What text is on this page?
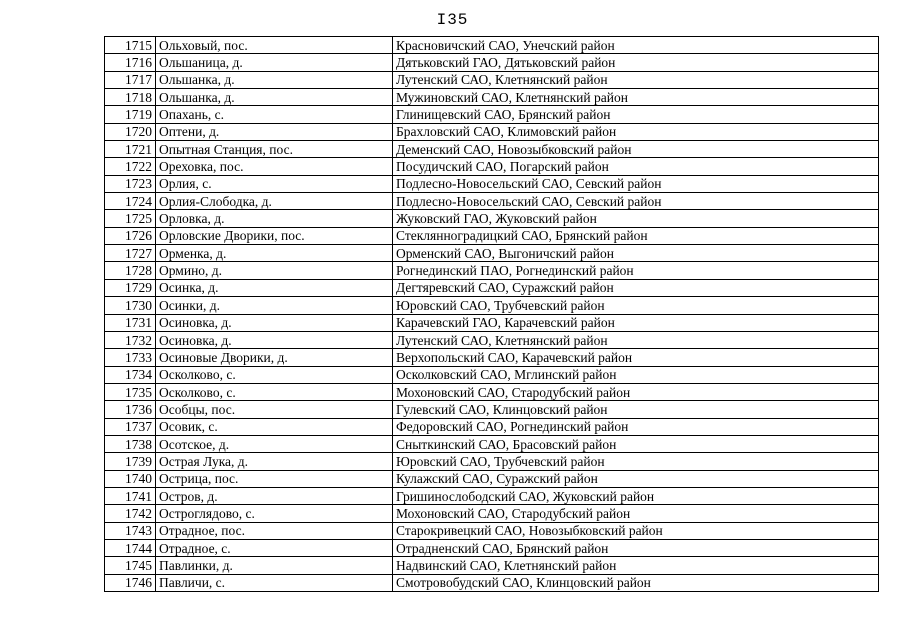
I35
1715	Ольховый, пос.	Красновичский САО, Унечский район
1716	Ольшаница, д.	Дятьковский ГАО, Дятьковский район
1717	Ольшанка, д.	Лутенский САО, Клетнянский район
1718	Ольшанка, д.	Мужиновский САО, Клетнянский район
1719	Опахань, с.	Глинищевский САО, Брянский район
1720	Оптени, д.	Брахловский САО, Климовский район
1721	Опытная Станция, пос.	Деменский САО, Новозыбковский район
1722	Ореховка, пос.	Посудичский САО, Погарский район
1723	Орлия, с.	Подлесно-Новосельский САО, Севский район
1724	Орлия-Слободка, д.	Подлесно-Новосельский САО, Севский район
1725	Орловка, д.	Жуковский ГАО, Жуковский район
1726	Орловские Дворики, пос.	Стеклянноградицкий САО, Брянский район
1727	Орменка, д.	Орменский САО, Выгоничский район
1728	Ормино, д.	Рогнединский ПАО, Рогнединский район
1729	Осинка, д.	Дегтяревский САО, Суражский район
1730	Осинки, д.	Юровский САО, Трубчевский район
1731	Осиновка, д.	Карачевский ГАО, Карачевский район
1732	Осиновка, д.	Лутенский САО, Клетнянский район
1733	Осиновые Дворики, д.	Верхопольский САО, Карачевский район
1734	Осколково, с.	Осколковский САО, Мглинский район
1735	Осколково, с.	Мохоновский САО, Стародубский район
1736	Особцы, пос.	Гулевский САО, Клинцовский район
1737	Осовик, с.	Федоровский САО, Рогнединский район
1738	Осотское, д.	Сныткинский САО, Брасовский район
1739	Острая Лука, д.	Юровский САО, Трубчевский район
1740	Острица, пос.	Кулажский САО, Суражский район
1741	Остров, д.	Гришинослободский САО, Жуковский район
1742	Остроглядово, с.	Мохоновский САО, Стародубский район
1743	Отрадное, пос.	Старокривецкий САО, Новозыбковский район
1744	Отрадное, с.	Отрадненский САО, Брянский район
1745	Павлинки, д.	Надвинский САО, Клетнянский район
1746	Павличи, с.	Смотровобудский САО, Клинцовский район
